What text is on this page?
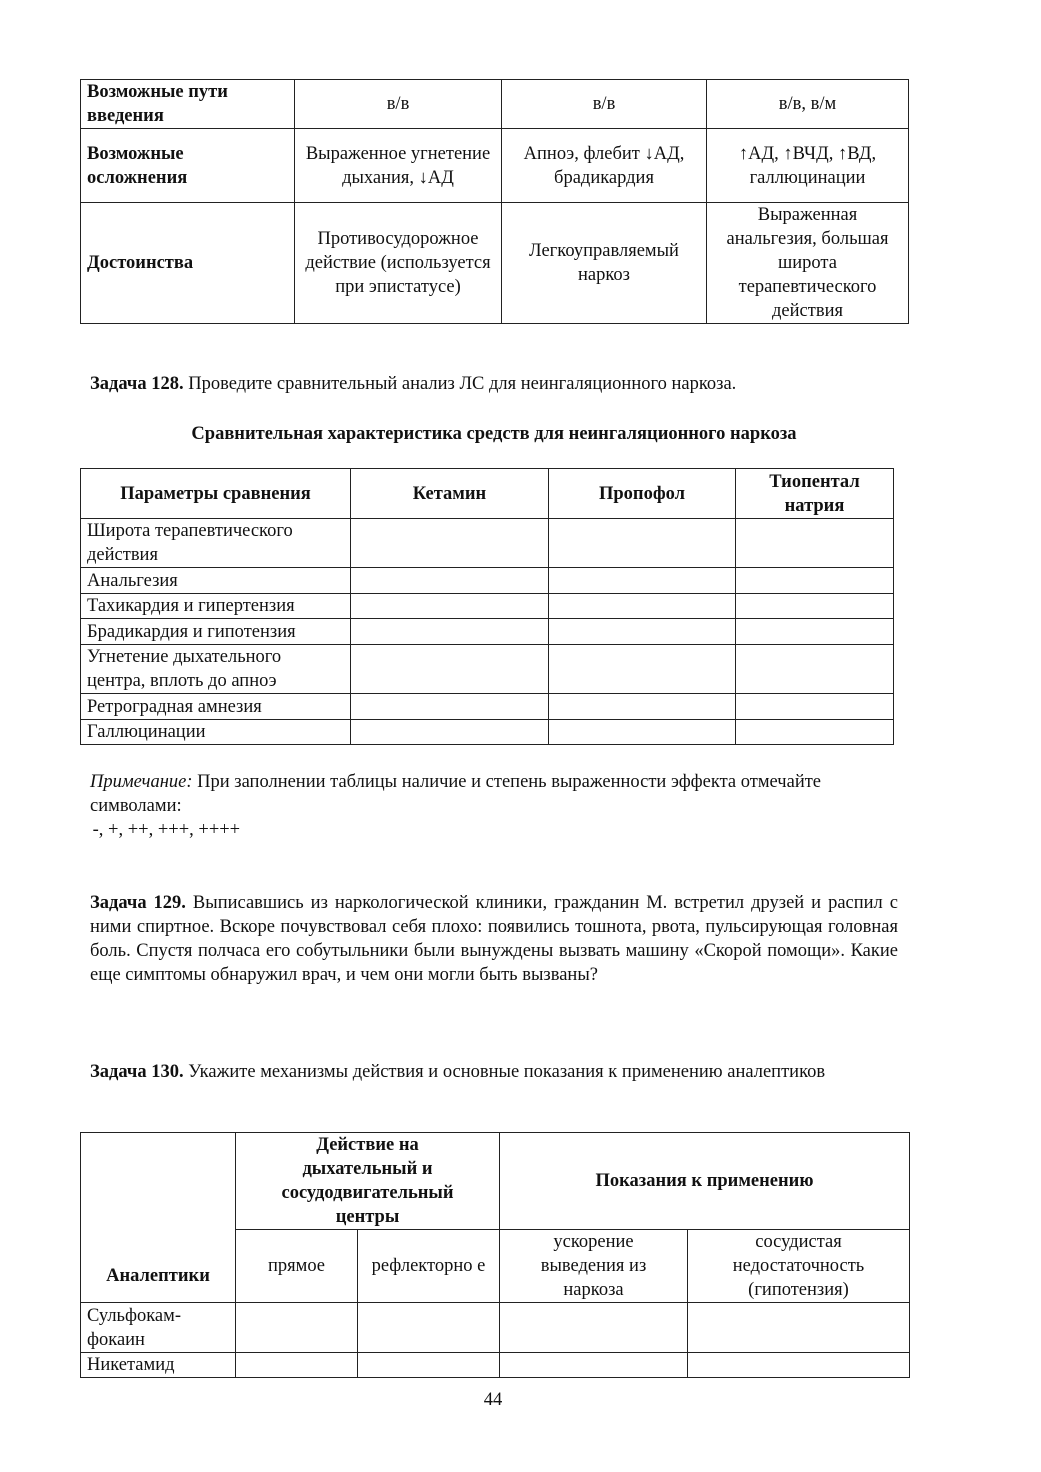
Возможные пути введения	в/в	в/в	в/в, в/м
Возможные осложнения	Выраженное угнетение дыхания, ↓АД	Апноэ, флебит ↓АД, брадикардия	↑АД, ↑ВЧД, ↑ВД, галлюцинации
Достоинства	Противосудорожное действие (используется при эпистатусе)	Легкоуправляемый наркоз	Выраженная анальгезия, большая широта терапевтического действия
Задача 128. Проведите сравнительный анализ ЛС для неингаляционного наркоза.
Сравнительная характеристика средств для неингаляционного наркоза
Параметры сравнения	Кетамин	Пропофол	Тиопентал натрия
Широта терапевтического действия			
Анальгезия			
Тахикардия и гипертензия			
Брадикардия и гипотензия			
Угнетение дыхательного центра, вплоть до апноэ			
Ретроградная амнезия			
Галлюцинации			
Примечание: При заполнении таблицы наличие и степень выраженности эффекта отмечайте символами:
-, +, ++, +++, ++++
Задача 129. Выписавшись из наркологической клиники, гражданин М. встретил друзей и распил с ними спиртное. Вскоре почувствовал себя плохо: появились тошнота, рвота, пульсирующая головная боль. Спустя полчаса его собутыльники были вынуждены вызвать машину «Скорой помощи». Какие еще симптомы обнаружил врач, и чем они могли быть вызваны?
Задача 130. Укажите механизмы действия и основные показания к применению аналептиков
Аналептики	Действие на дыхательный и сосудодвигательный центры		Показания к применению	
	прямое	рефлекторно е	ускорение выведения из наркоза	сосудистая недостаточность (гипотензия)
Сульфокам-фокаин				
Никетамид				
44
